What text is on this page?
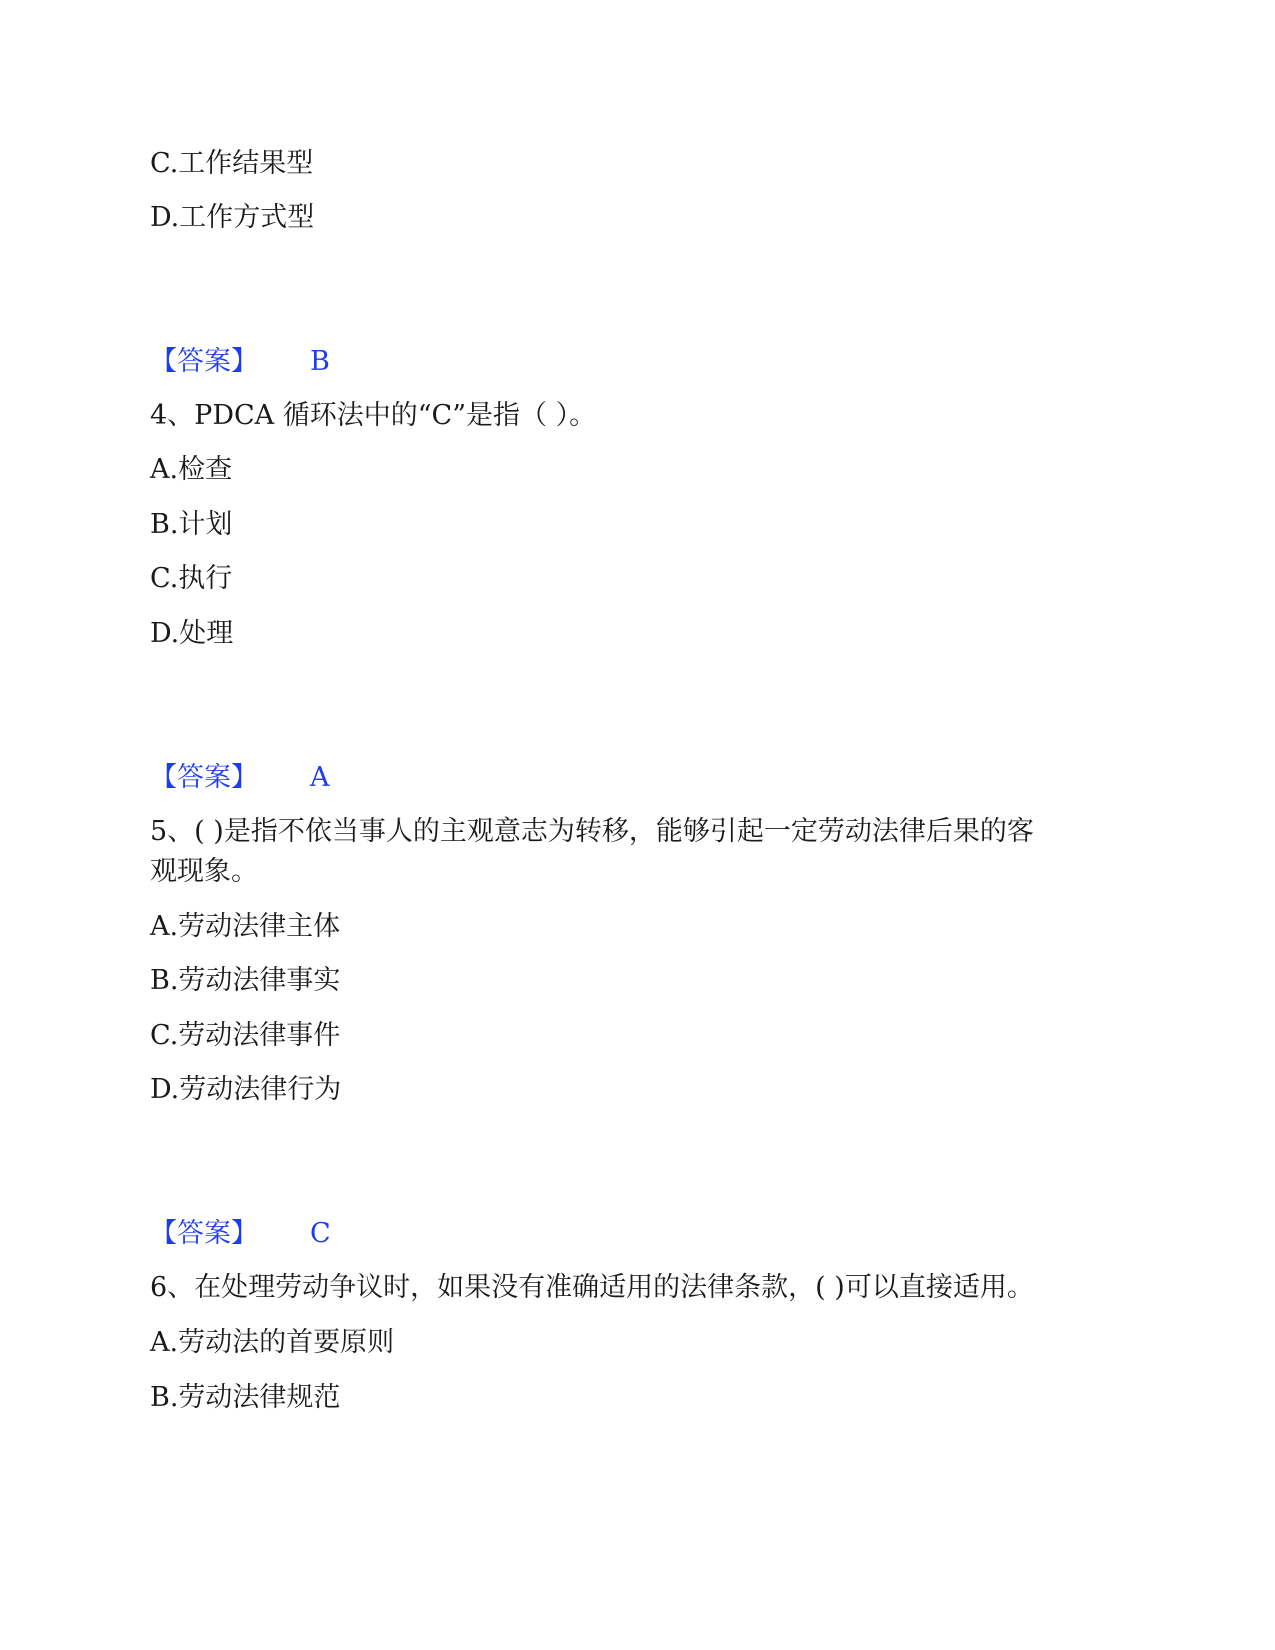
C.工作结果型
D.工作方式型
【答案】 B
4、PDCA 循环法中的“C”是指（ ）。
A.检查
B.计划
C.执行
D.处理
【答案】 A
5、( )是指不依当事人的主观意志为转移，能够引起一定劳动法律后果的客
观现象。
A.劳动法律主体
B.劳动法律事实
C.劳动法律事件
D.劳动法律行为
【答案】 C
6、在处理劳动争议时，如果没有准确适用的法律条款，( )可以直接适用。
A.劳动法的首要原则
B.劳动法律规范
